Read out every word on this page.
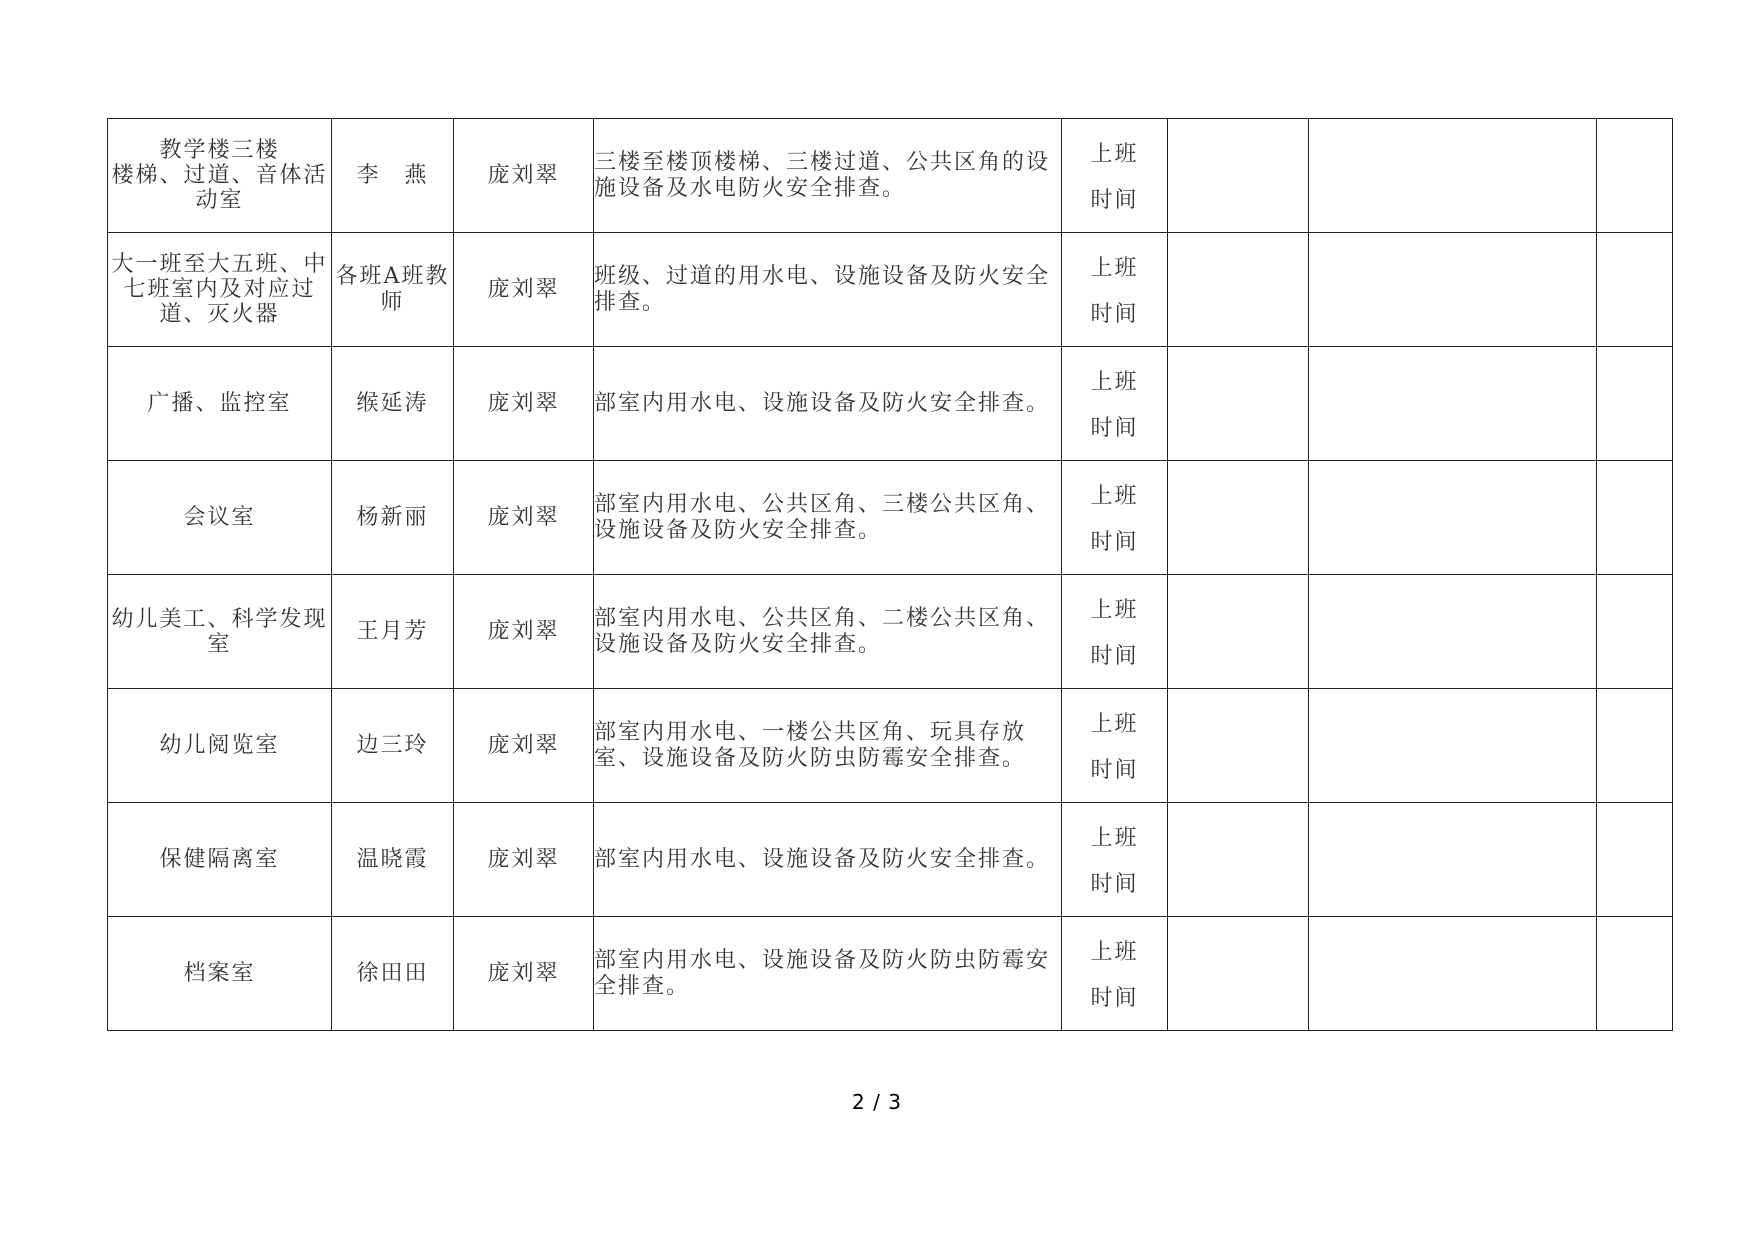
教学楼三楼
楼梯、过道、音体活动室	李　燕	庞刘翠	三楼至楼顶楼梯、三楼过道、公共区角的设施设备及水电防火安全排查。	上班
时间			

大一班至大五班、中七班室内及对应过道、灭火器	各班A班教师	庞刘翠	班级、过道的用水电、设施设备及防火安全排查。	上班
时间			

广播、监控室	缑延涛	庞刘翠	部室内用水电、设施设备及防火安全排查。	上班
时间			

会议室	杨新丽	庞刘翠	部室内用水电、公共区角、三楼公共区角、设施设备及防火安全排查。	上班
时间			

幼儿美工、科学发现室	王月芳	庞刘翠	部室内用水电、公共区角、二楼公共区角、设施设备及防火安全排查。	上班
时间			

幼儿阅览室	边三玲	庞刘翠	部室内用水电、一楼公共区角、玩具存放室、设施设备及防火防虫防霉安全排查。	上班
时间			

保健隔离室	温晓霞	庞刘翠	部室内用水电、设施设备及防火安全排查。	上班
时间			

档案室	徐田田	庞刘翠	部室内用水电、设施设备及防火防虫防霉安全排查。	上班
时间			

2 / 3
